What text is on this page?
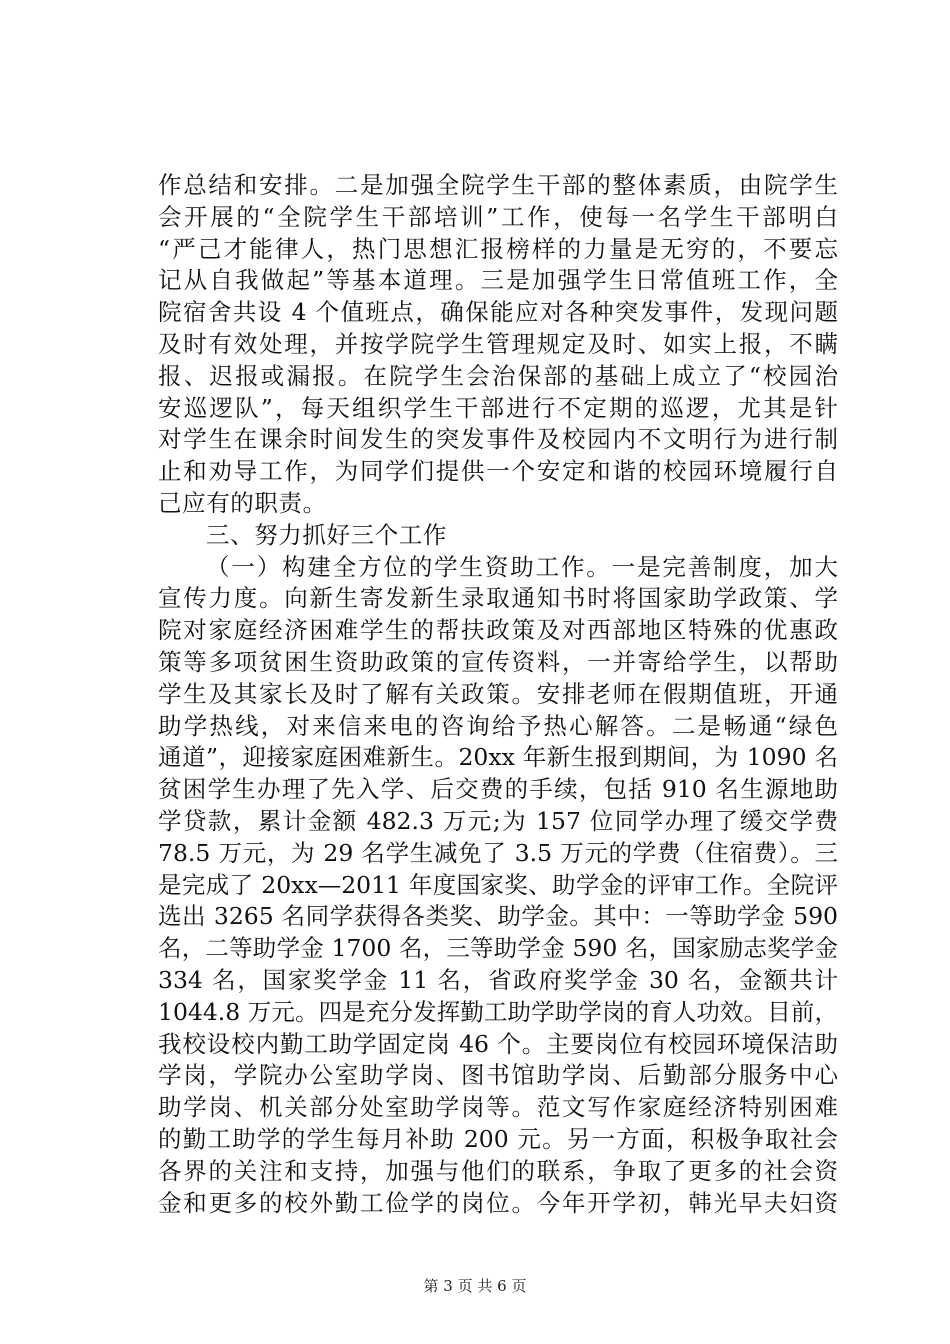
作总结和安排。二是加强全院学生干部的整体素质，由院学生
会开展的“全院学生干部培训”工作，使每一名学生干部明白
“严己才能律人，热门思想汇报榜样的力量是无穷的，不要忘
记从自我做起”等基本道理。三是加强学生日常值班工作，全
院宿舍共设 4 个值班点，确保能应对各种突发事件，发现问题
及时有效处理，并按学院学生管理规定及时、如实上报，不瞒
报、迟报或漏报。在院学生会治保部的基础上成立了“校园治
安巡逻队”，每天组织学生干部进行不定期的巡逻，尤其是针
对学生在课余时间发生的突发事件及校园内不文明行为进行制
止和劝导工作，为同学们提供一个安定和谐的校园环境履行自
己应有的职责。
三、努力抓好三个工作
（一）构建全方位的学生资助工作。一是完善制度，加大
宣传力度。向新生寄发新生录取通知书时将国家助学政策、学
院对家庭经济困难学生的帮扶政策及对西部地区特殊的优惠政
策等多项贫困生资助政策的宣传资料，一并寄给学生，以帮助
学生及其家长及时了解有关政策。安排老师在假期值班，开通
助学热线，对来信来电的咨询给予热心解答。二是畅通“绿色
通道”，迎接家庭困难新生。20xx 年新生报到期间，为 1090 名
贫困学生办理了先入学、后交费的手续，包括 910 名生源地助
学贷款，累计金额 482.3 万元;为 157 位同学办理了缓交学费
78.5 万元，为 29 名学生减免了 3.5 万元的学费（住宿费）。三
是完成了 20xx—2011 年度国家奖、助学金的评审工作。全院评
选出 3265 名同学获得各类奖、助学金。其中：一等助学金 590
名，二等助学金 1700 名，三等助学金 590 名，国家励志奖学金
334 名，国家奖学金 11 名，省政府奖学金 30 名，金额共计
1044.8 万元。四是充分发挥勤工助学助学岗的育人功效。目前，
我校设校内勤工助学固定岗 46 个。主要岗位有校园环境保洁助
学岗，学院办公室助学岗、图书馆助学岗、后勤部分服务中心
助学岗、机关部分处室助学岗等。范文写作家庭经济特别困难
的勤工助学的学生每月补助 200 元。另一方面，积极争取社会
各界的关注和支持，加强与他们的联系，争取了更多的社会资
金和更多的校外勤工俭学的岗位。今年开学初，韩光早夫妇资
第 3 页 共 6 页
